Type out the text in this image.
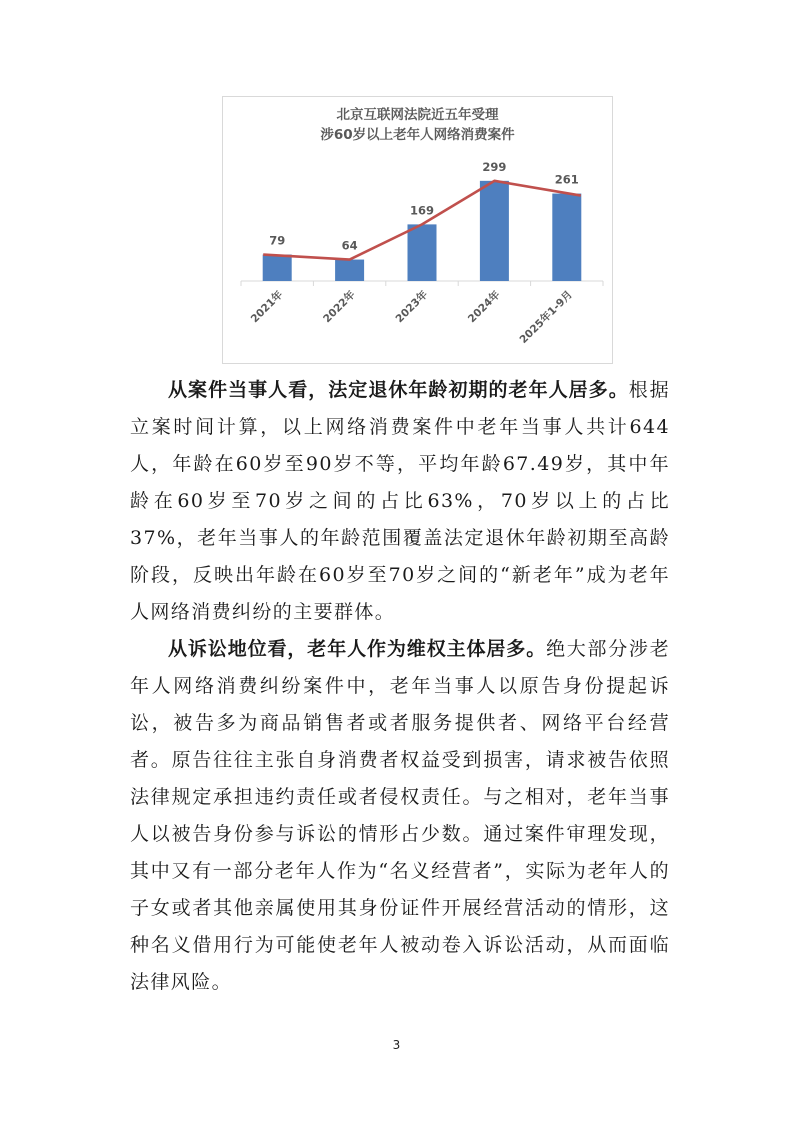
北京互联网法院近五年受理
涉60岁以上老年人网络消费案件
79
2021年
64
2022年
169
2023年
299
2024年
261
2025年1-9月

从案件当事人看，法定退休年龄初期的老年人居多。根据立案时间计算，以上网络消费案件中老年当事人共计644人，年龄在60岁至90岁不等，平均年龄67.49岁，其中年龄在60岁至70岁之间的占比63%，70岁以上的占比37%，老年当事人的年龄范围覆盖法定退休年龄初期至高龄阶段，反映出年龄在60岁至70岁之间的“新老年”成为老年人网络消费纠纷的主要群体。

从诉讼地位看，老年人作为维权主体居多。绝大部分涉老年人网络消费纠纷案件中，老年当事人以原告身份提起诉讼，被告多为商品销售者或者服务提供者、网络平台经营者。原告往往主张自身消费者权益受到损害，请求被告依照法律规定承担违约责任或者侵权责任。与之相对，老年当事人以被告身份参与诉讼的情形占少数。通过案件审理发现，其中又有一部分老年人作为“名义经营者”，实际为老年人的子女或者其他亲属使用其身份证件开展经营活动的情形，这种名义借用行为可能使老年人被动卷入诉讼活动，从而面临法律风险。

3
